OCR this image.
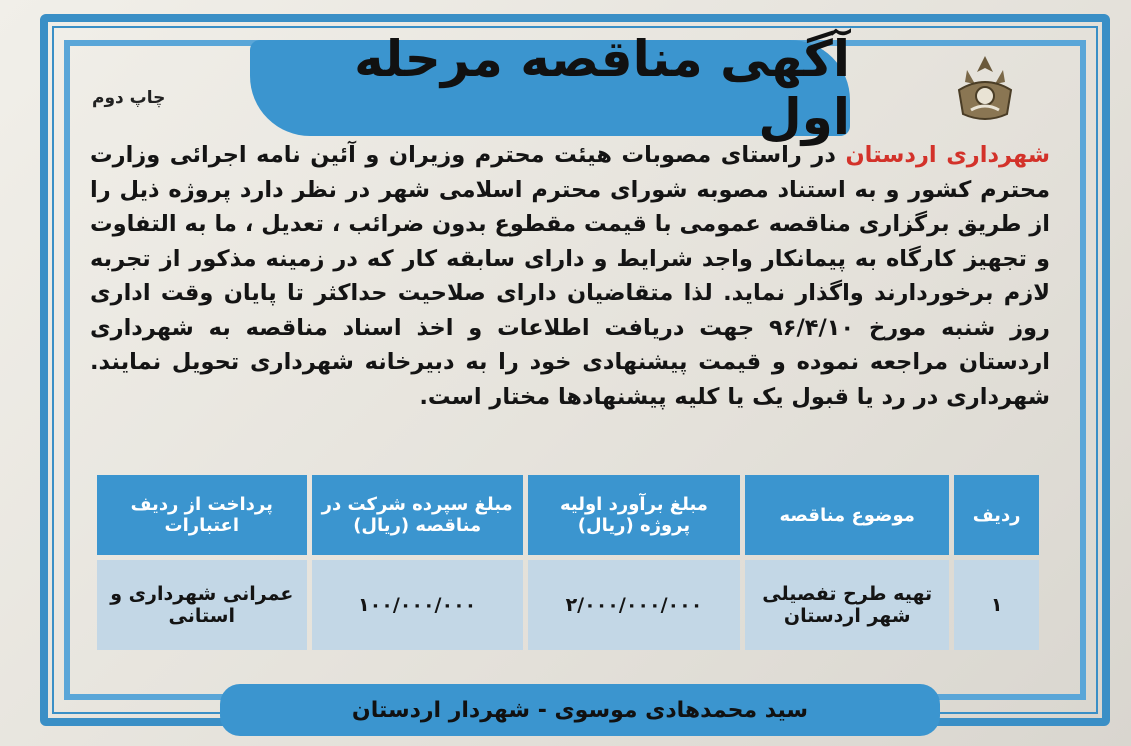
آگهی مناقصه مرحله اول
چاپ دوم
شهرداری اردستان در راستای مصوبات هیئت محترم وزیران و آئین نامه اجرائی وزارت محترم کشور و به استناد مصوبه شورای محترم اسلامی شهر در نظر دارد پروژه ذیل را از طریق برگزاری مناقصه عمومی با قیمت مقطوع بدون ضرائب ، تعدیل ، ما به التفاوت و تجهیز کارگاه به پیمانکار واجد شرایط و دارای سابقه کار که در زمینه مذکور از تجربه لازم برخوردارند واگذار نماید. لذا متقاضیان دارای صلاحیت حداکثر تا پایان وقت اداری روز شنبه مورخ ۹۶/۴/۱۰ جهت دریافت اطلاعات و اخذ اسناد مناقصه به شهرداری اردستان مراجعه نموده و قیمت پیشنهادی خود را به دبیرخانه شهرداری تحویل نمایند. شهرداری در رد یا قبول یک یا کلیه پیشنهادها مختار است.
ردیف	موضوع مناقصه	مبلغ برآورد اولیه پروژه (ریال)	مبلغ سپرده شرکت در مناقصه (ریال)	پرداخت از ردیف اعتبارات
۱	تهیه طرح تفصیلی شهر اردستان	۲/۰۰۰/۰۰۰/۰۰۰	۱۰۰/۰۰۰/۰۰۰	عمرانی شهرداری و استانی
سید محمدهادی موسوی - شهردار اردستان
